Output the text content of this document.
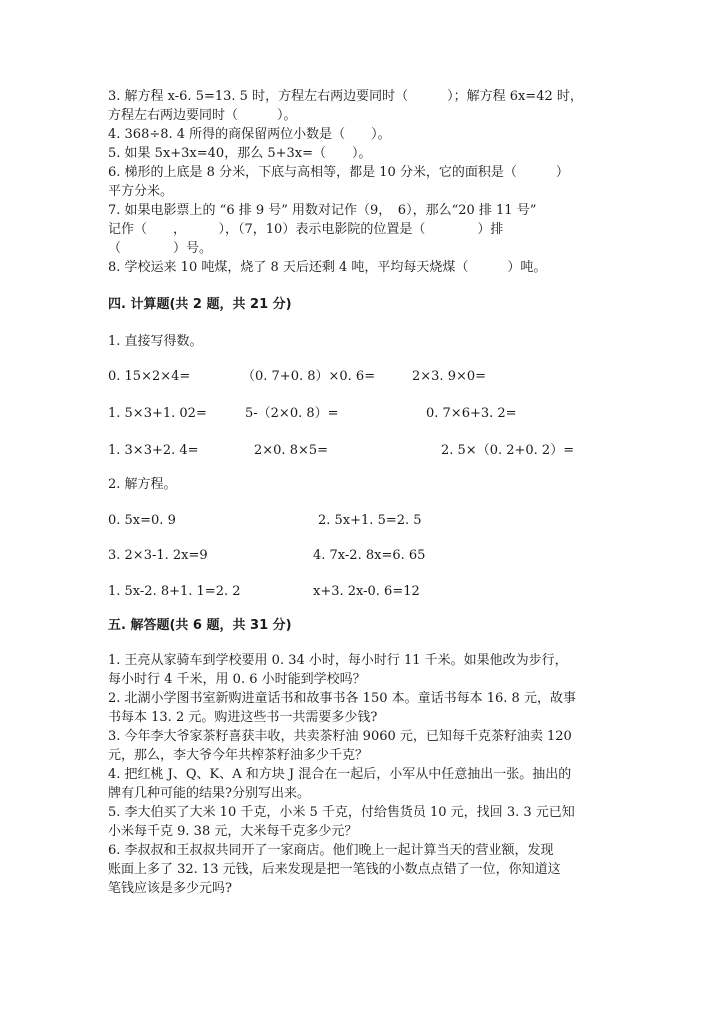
3. 解方程 x-6. 5=13. 5 时，方程左右两边要同时（　　　）；解方程 6x=42 时，
方程左右两边要同时（　　　）。
4. 368÷8. 4 所得的商保留两位小数是（　　）。
5. 如果 5x+3x=40，那么 5+3x=（　　）。
6. 梯形的上底是 8 分米，下底与高相等，都是 10 分米，它的面积是（　　　）
平方分米。
7. 如果电影票上的 “6 排 9 号” 用数对记作（9，　6），那么“20 排 11 号”
记作（　　，　　　），（7，10）表示电影院的位置是（　　　　）排
（　　　　）号。
8. 学校运来 10 吨煤，烧了 8 天后还剩 4 吨，平均每天烧煤（　　　）吨。
四. 计算题(共 2 题，共 21 分)
1. 直接写得数。
0. 15×2×4=	（0. 7+0. 8）×0. 6=	2×3. 9×0=
1. 5×3+1. 02=	5-（2×0. 8）=	0. 7×6+3. 2=
1. 3×3+2. 4=	2×0. 8×5=	2. 5×（0. 2+0. 2）=
2. 解方程。
0. 5x=0. 9	2. 5x+1. 5=2. 5
3. 2×3-1. 2x=9	4. 7x-2. 8x=6. 65
1. 5x-2. 8+1. 1=2. 2	x+3. 2x-0. 6=12
五. 解答题(共 6 题，共 31 分)
1. 王亮从家骑车到学校要用 0. 34 小时，每小时行 11 千米。如果他改为步行，
每小时行 4 千米，用 0. 6 小时能到学校吗？
2. 北湖小学图书室新购进童话书和故事书各 150 本。童话书每本 16. 8 元，故事
书每本 13. 2 元。购进这些书一共需要多少钱?
3. 今年李大爷家茶籽喜获丰收，共卖茶籽油 9060 元，已知每千克茶籽油卖 120
元，那么，李大爷今年共榨茶籽油多少千克？
4. 把红桃 J、Q、K、A 和方块 J 混合在一起后，小军从中任意抽出一张。抽出的
牌有几种可能的结果?分别写出来。
5. 李大伯买了大米 10 千克，小米 5 千克，付给售货员 10 元，找回 3. 3 元已知
小米每千克 9. 38 元，大米每千克多少元？
6. 李叔叔和王叔叔共同开了一家商店。他们晚上一起计算当天的营业额，发现
账面上多了 32. 13 元钱，后来发现是把一笔钱的小数点点错了一位，你知道这
笔钱应该是多少元吗?
